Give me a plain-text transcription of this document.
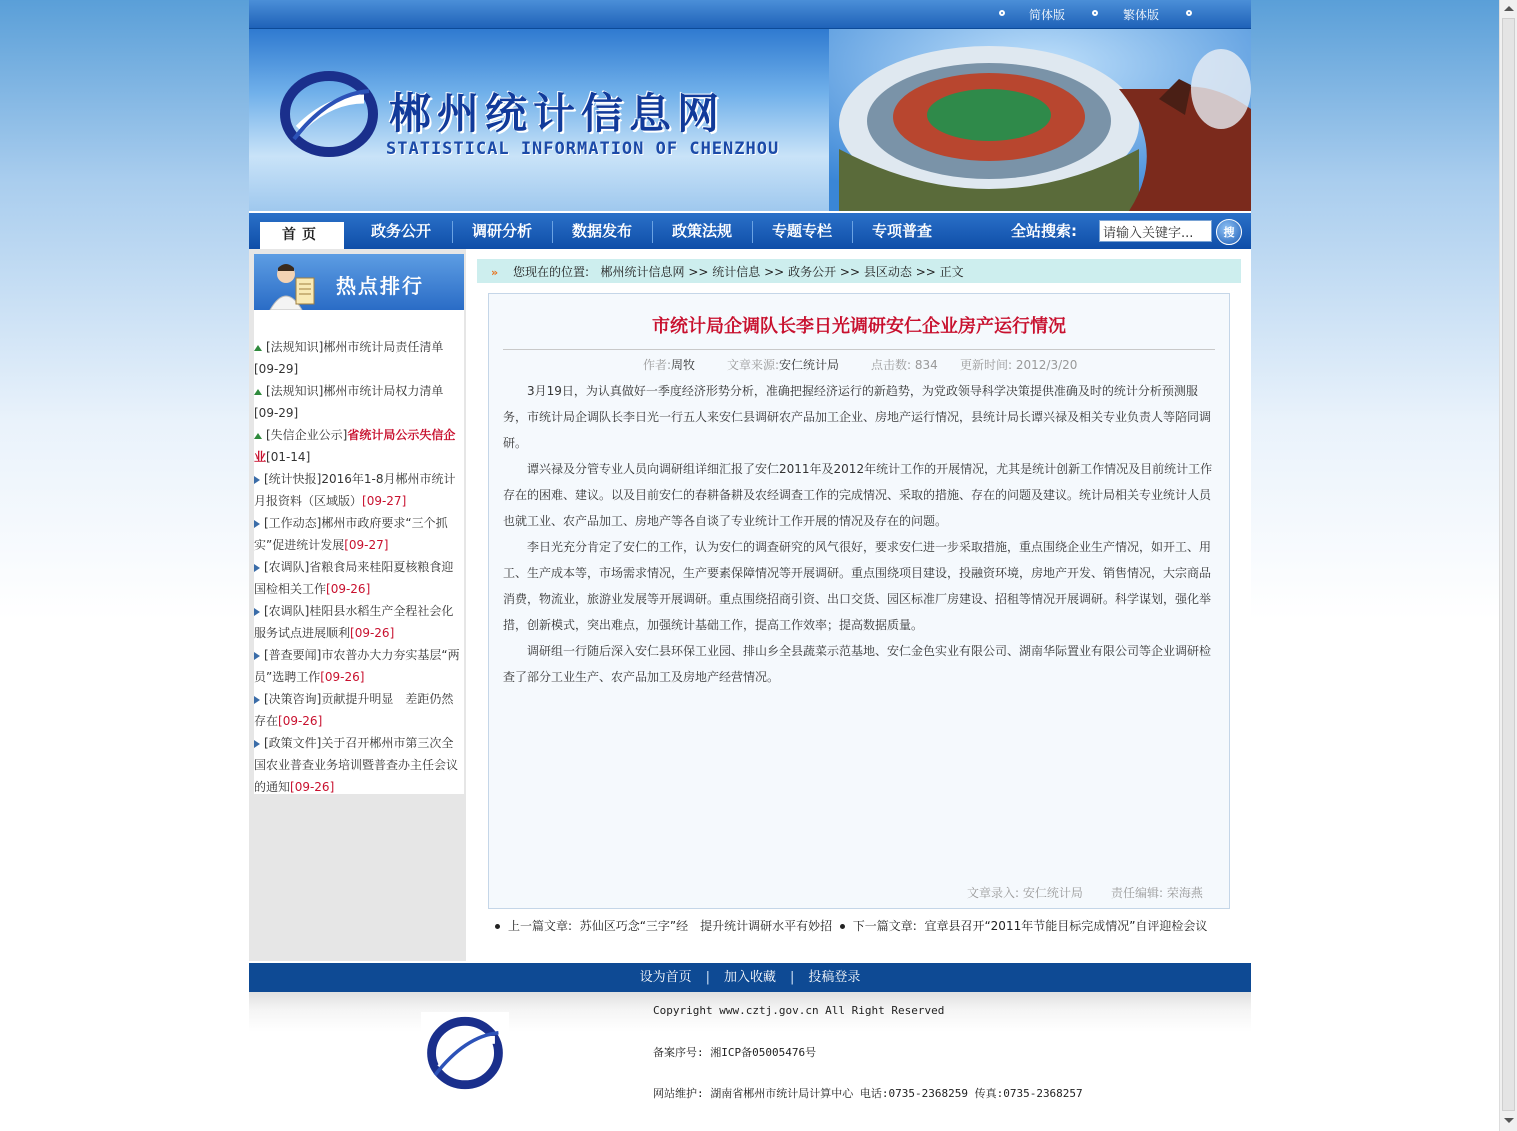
简体版	繁体版
郴州统计信息网
STATISTICAL INFORMATION OF CHENZHOU
首页	政务公开	调研分析	数据发布	政策法规	专题专栏	专项普查	全站搜索:
请输入关键字...	搜
热点排行
[法规知识]郴州市统计局责任清单
[09-29]
[法规知识]郴州市统计局权力清单
[09-29]
[失信企业公示]省统计局公示失信企业[01-14]
[统计快报]2016年1-8月郴州市统计月报资料（区域版）[09-27]
[工作动态]郴州市政府要求“三个抓实”促进统计发展[09-27]
[农调队]省粮食局来桂阳夏核粮食迎国检相关工作[09-26]
[农调队]桂阳县水稻生产全程社会化服务试点进展顺利[09-26]
[普查要闻]市农普办大力夯实基层“两员”选聘工作[09-26]
[决策咨询]贡献提升明显　差距仍然存在[09-26]
[政策文件]关于召开郴州市第三次全国农业普查业务培训暨普查办主任会议的通知[09-26]
» 您现在的位置: 郴州统计信息网 >> 统计信息 >> 政务公开 >> 县区动态 >> 正文
市统计局企调队长李日光调研安仁企业房产运行情况
作者:周牧	文章来源:安仁统计局	点击数: 834 更新时间: 2012/3/20

3月19日，为认真做好一季度经济形势分析，准确把握经济运行的新趋势，为党政领导科学决策提供准确及时的统计分析预测服务，市统计局企调队长李日光一行五人来安仁县调研农产品加工企业、房地产运行情况，县统计局长谭兴禄及相关专业负责人等陪同调研。

谭兴禄及分管专业人员向调研组详细汇报了安仁2011年及2012年统计工作的开展情况，尤其是统计创新工作情况及目前统计工作存在的困难、建议。以及目前安仁的春耕备耕及农经调查工作的完成情况、采取的措施、存在的问题及建议。统计局相关专业统计人员也就工业、农产品加工、房地产等各自谈了专业统计工作开展的情况及存在的问题。

李日光充分肯定了安仁的工作，认为安仁的调查研究的风气很好，要求安仁进一步采取措施，重点围绕企业生产情况，如开工、用工、生产成本等，市场需求情况，生产要素保障情况等开展调研。重点围绕项目建设，投融资环境，房地产开发、销售情况，大宗商品消费，物流业，旅游业发展等开展调研。重点围绕招商引资、出口交货、园区标准厂房建设、招租等情况开展调研。科学谋划，强化举措，创新模式，突出难点，加强统计基础工作，提高工作效率；提高数据质量。

调研组一行随后深入安仁县环保工业园、排山乡全县蔬菜示范基地、安仁金色实业有限公司、湖南华际置业有限公司等企业调研检查了部分工业生产、农产品加工及房地产经营情况。

文章录入: 安仁统计局 责任编辑: 荣海燕
上一篇文章: 苏仙区巧念“三字”经　提升统计调研水平有妙招 下一篇文章: 宜章县召开“2011年节能目标完成情况”自评迎检会议
设为首页 | 加入收藏 | 投稿登录
Copyright www.cztj.gov.cn All Right Reserved
备案序号: 湘ICP备05005476号
网站维护: 湖南省郴州市统计局计算中心 电话:0735-2368259 传真:0735-2368257
